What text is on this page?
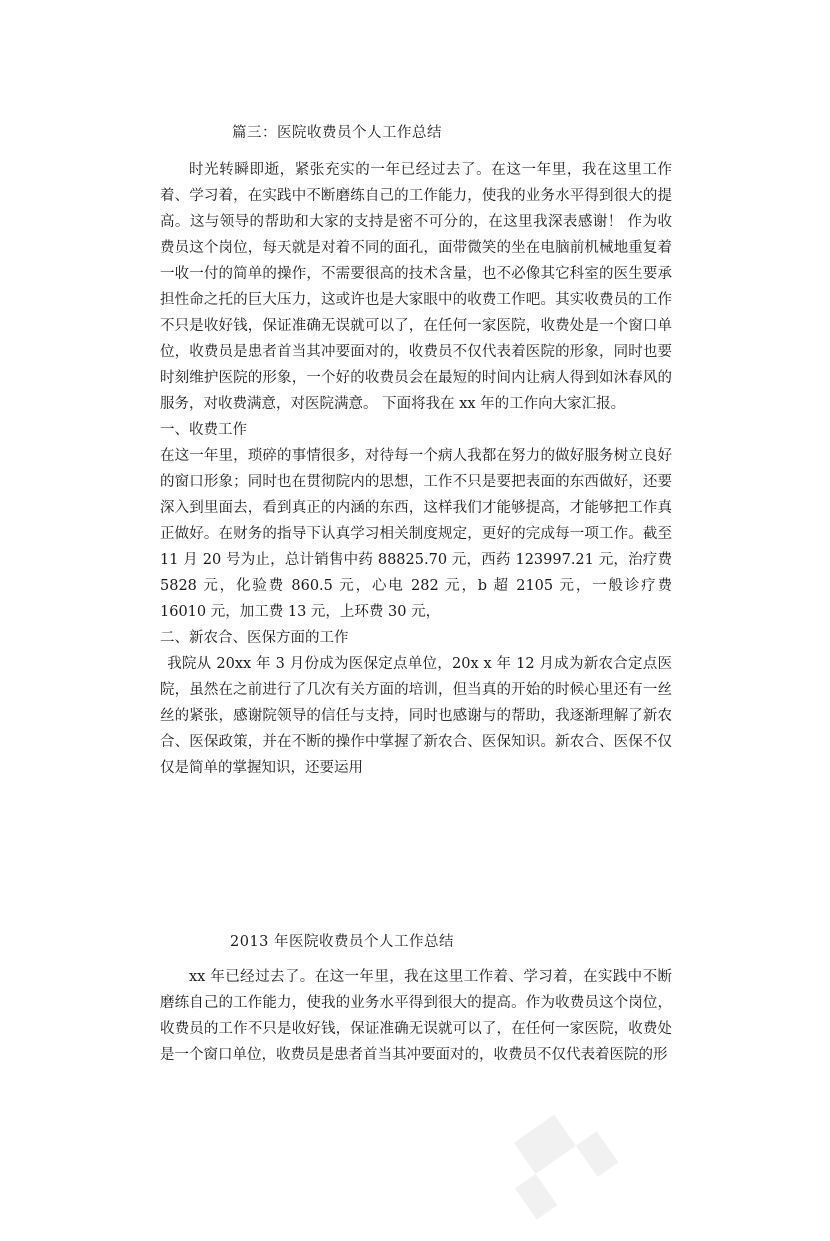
篇三：医院收费员个人工作总结

时光转瞬即逝，紧张充实的一年已经过去了。在这一年里，我在这里工作着、学习着，在实践中不断磨练自己的工作能力，使我的业务水平得到很大的提高。这与领导的帮助和大家的支持是密不可分的，在这里我深表感谢！ 作为收费员这个岗位，每天就是对着不同的面孔，面带微笑的坐在电脑前机械地重复着一收一付的简单的操作，不需要很高的技术含量，也不必像其它科室的医生要承担性命之托的巨大压力，这或许也是大家眼中的收费工作吧。其实收费员的工作不只是收好钱，保证准确无误就可以了，在任何一家医院，收费处是一个窗口单位，收费员是患者首当其冲要面对的，收费员不仅代表着医院的形象，同时也要时刻维护医院的形象，一个好的收费员会在最短的时间内让病人得到如沐春风的服务，对收费满意，对医院满意。 下面将我在 xx 年的工作向大家汇报。

一、收费工作

在这一年里，琐碎的事情很多，对待每一个病人我都在努力的做好服务树立良好的窗口形象；同时也在贯彻院内的思想，工作不只是要把表面的东西做好，还要深入到里面去，看到真正的内涵的东西，这样我们才能够提高，才能够把工作真正做好。在财务的指导下认真学习相关制度规定，更好的完成每一项工作。截至 11 月 20 号为止，总计销售中药 88825.70 元，西药 123997.21 元，治疗费 5828 元，化验费 860.5 元，心电 282 元，b 超 2105 元，一般诊疗费 16010 元，加工费 13 元，上环费 30 元，

二、新农合、医保方面的工作

我院从 20xx 年 3 月份成为医保定点单位，20x x 年 12 月成为新农合定点医院，虽然在之前进行了几次有关方面的培训，但当真的开始的时候心里还有一丝丝的紧张，感谢院领导的信任与支持，同时也感谢与的帮助，我逐渐理解了新农合、医保政策，并在不断的操作中掌握了新农合、医保知识。新农合、医保不仅仅是简单的掌握知识，还要运用

2013 年医院收费员个人工作总结

xx 年已经过去了。在这一年里，我在这里工作着、学习着，在实践中不断磨练自己的工作能力，使我的业务水平得到很大的提高。作为收费员这个岗位，收费员的工作不只是收好钱，保证准确无误就可以了，在任何一家医院，收费处是一个窗口单位，收费员是患者首当其冲要面对的，收费员不仅代表着医院的形

▞▚
